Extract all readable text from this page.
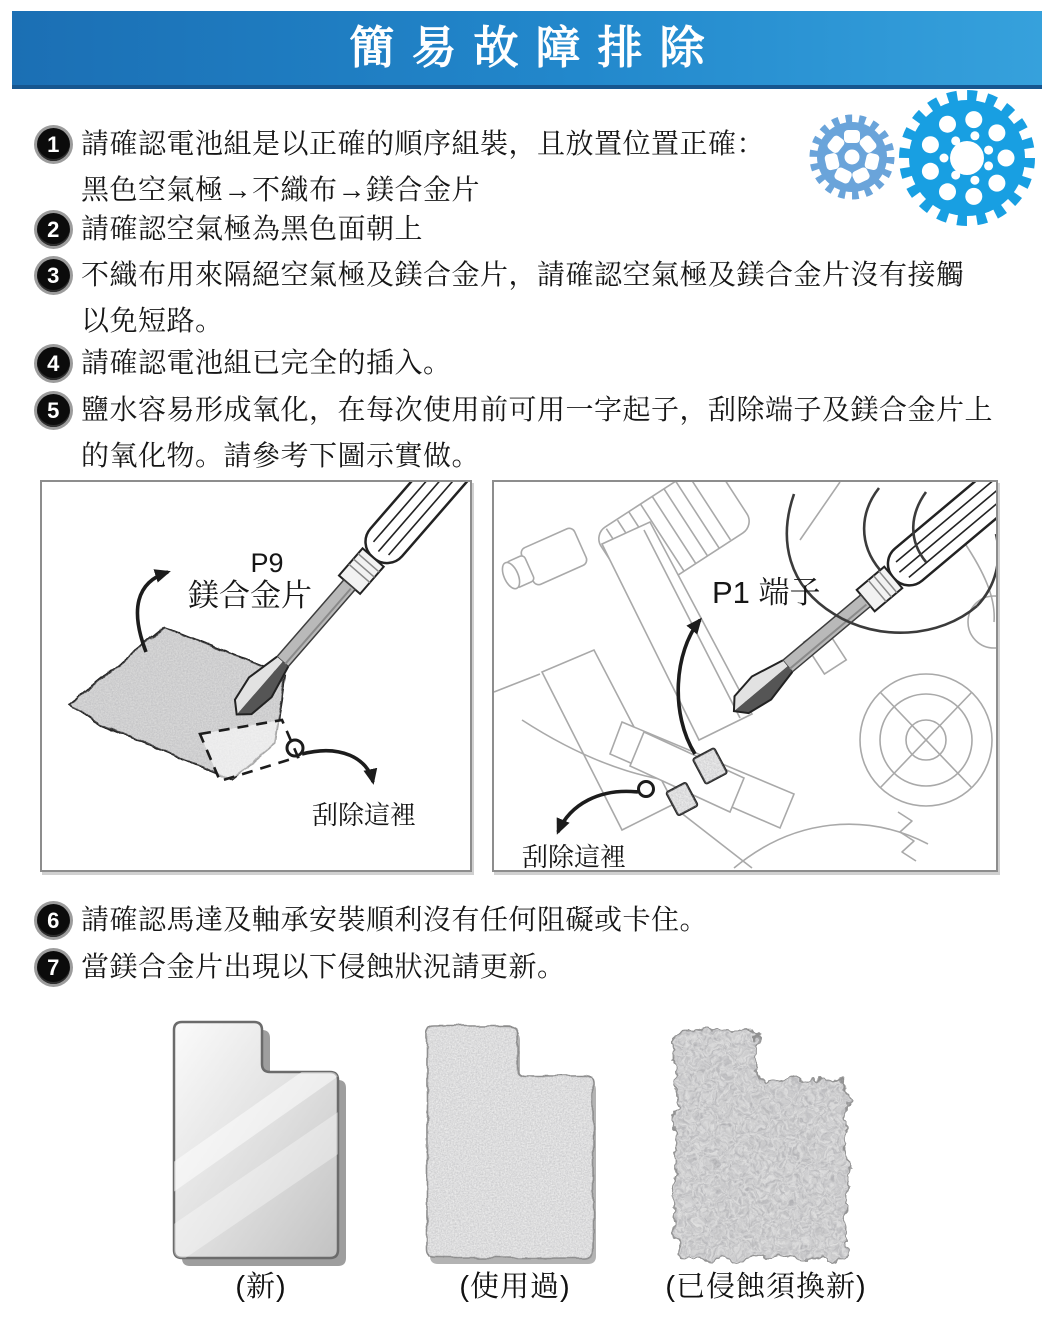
簡易故障排除
1 請確認電池組是以正確的順序組裝，且放置位置正確：
黑色空氣極→不織布→鎂合金片
2 請確認空氣極為黑色面朝上
3 不織布用來隔絕空氣極及鎂合金片，請確認空氣極及鎂合金片沒有接觸
以免短路。
4 請確認電池組已完全的插入。
5 鹽水容易形成氧化，在每次使用前可用一字起子，刮除端子及鎂合金片上
的氧化物。請參考下圖示實做。
6 請確認馬達及軸承安裝順利沒有任何阻礙或卡住。
7 當鎂合金片出現以下侵蝕狀況請更新。
P9
鎂合金片
刮除這裡
P1 端子
刮除這裡
(新)	(使用過)	(已侵蝕須換新)
